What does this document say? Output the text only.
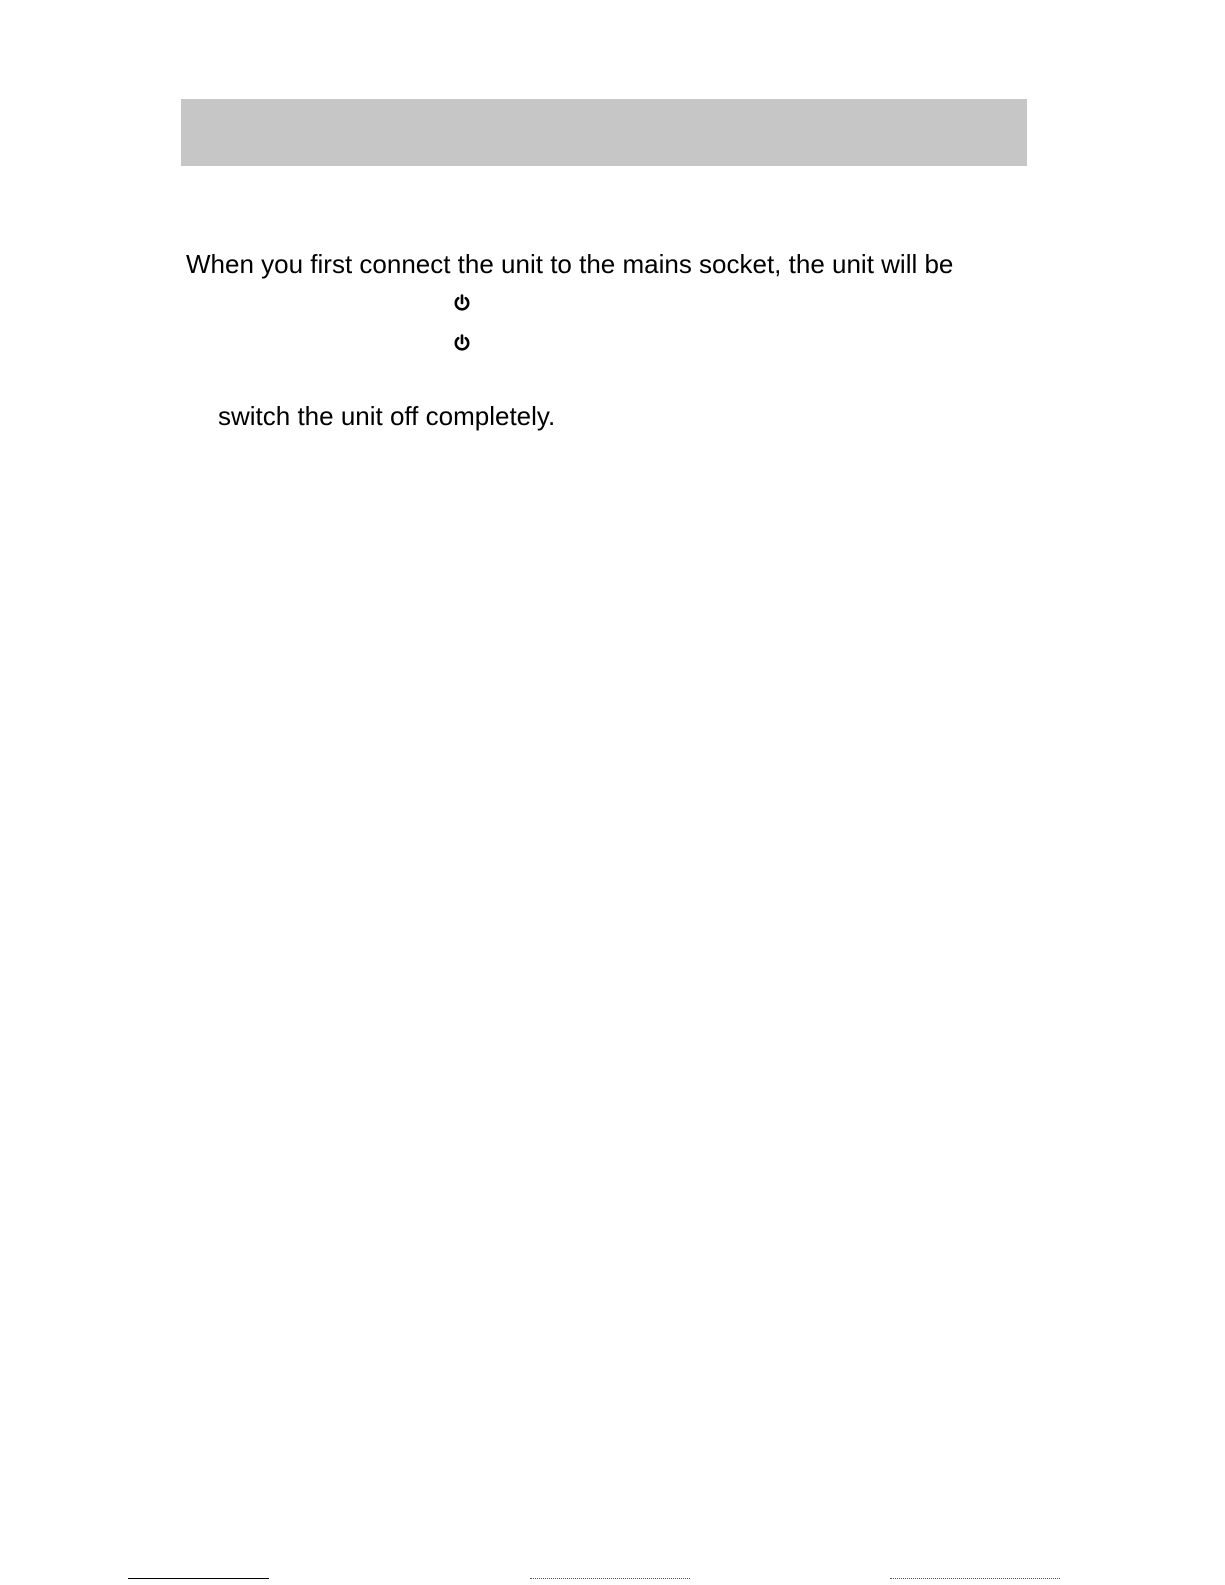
When you first connect the unit to the mains socket, the unit will be
switch the unit off completely.
